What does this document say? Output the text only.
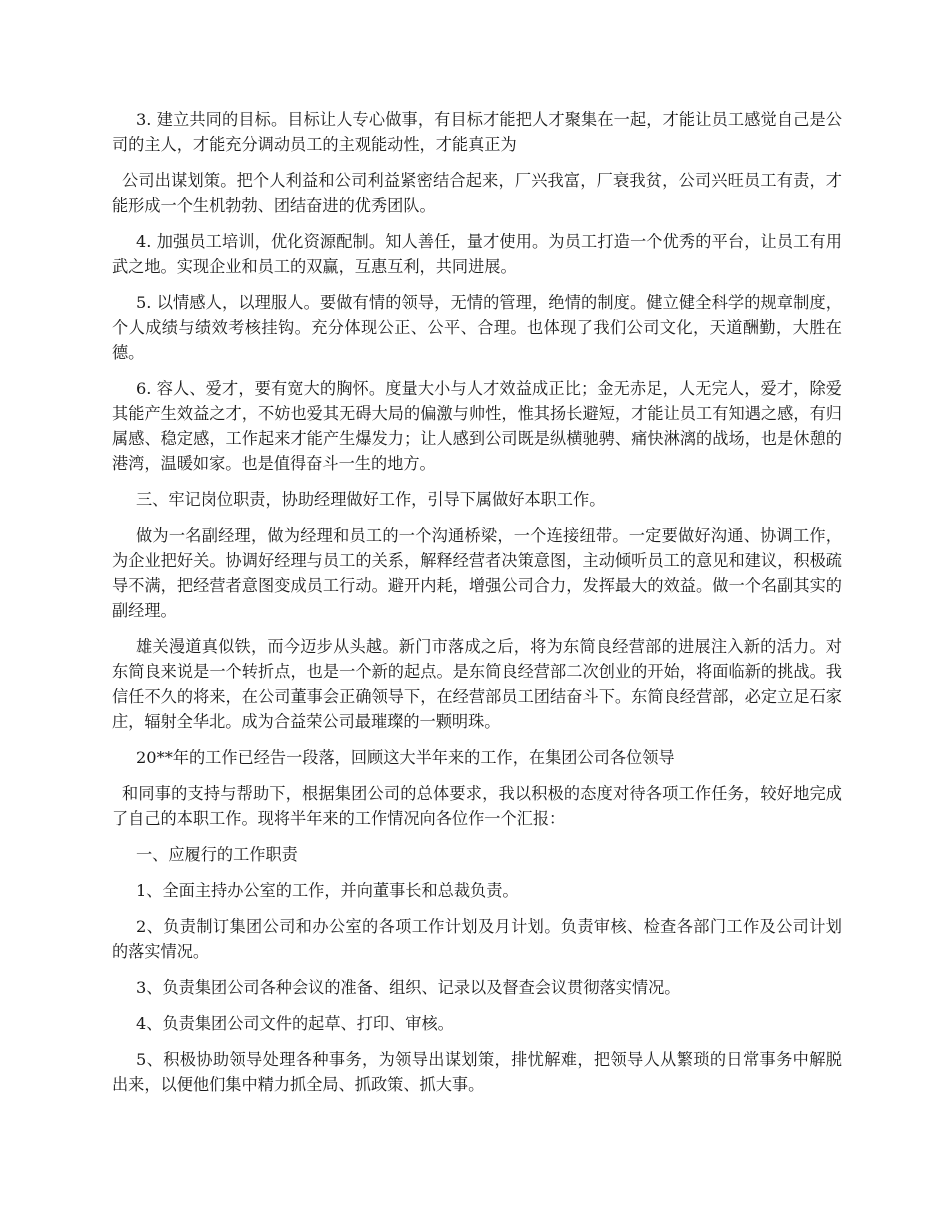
3. 建立共同的目标。目标让人专心做事，有目标才能把人才聚集在一起，才能让员工感觉自己是公司的主人，才能充分调动员工的主观能动性，才能真正为

公司出谋划策。把个人利益和公司利益紧密结合起来，厂兴我富，厂衰我贫，公司兴旺员工有责，才能形成一个生机勃勃、团结奋进的优秀团队。

4. 加强员工培训，优化资源配制。知人善任，量才使用。为员工打造一个优秀的平台，让员工有用武之地。实现企业和员工的双赢，互惠互利，共同进展。

5. 以情感人，以理服人。要做有情的领导，无情的管理，绝情的制度。健立健全科学的规章制度，个人成绩与绩效考核挂钩。充分体现公正、公平、合理。也体现了我们公司文化，天道酬勤，大胜在德。

6. 容人、爱才，要有宽大的胸怀。度量大小与人才效益成正比；金无赤足，人无完人，爱才，除爱其能产生效益之才，不妨也爱其无碍大局的偏激与帅性，惟其扬长避短，才能让员工有知遇之感，有归属感、稳定感，工作起来才能产生爆发力；让人感到公司既是纵横驰骋、痛快淋漓的战场，也是休憩的港湾，温暖如家。也是值得奋斗一生的地方。

三、牢记岗位职责，协助经理做好工作，引导下属做好本职工作。

做为一名副经理，做为经理和员工的一个沟通桥梁，一个连接纽带。一定要做好沟通、协调工作，为企业把好关。协调好经理与员工的关系，解释经营者决策意图，主动倾听员工的意见和建议，积极疏导不满，把经营者意图变成员工行动。避开内耗，增强公司合力，发挥最大的效益。做一个名副其实的副经理。

雄关漫道真似铁，而今迈步从头越。新门市落成之后，将为东简良经营部的进展注入新的活力。对东简良来说是一个转折点，也是一个新的起点。是东简良经营部二次创业的开始，将面临新的挑战。我信任不久的将来，在公司董事会正确领导下，在经营部员工团结奋斗下。东简良经营部，必定立足石家庄，辐射全华北。成为合益荣公司最璀璨的一颗明珠。

20**年的工作已经告一段落，回顾这大半年来的工作，在集团公司各位领导

和同事的支持与帮助下，根据集团公司的总体要求，我以积极的态度对待各项工作任务，较好地完成了自己的本职工作。现将半年来的工作情况向各位作一个汇报：

一、应履行的工作职责

1、全面主持办公室的工作，并向董事长和总裁负责。

2、负责制订集团公司和办公室的各项工作计划及月计划。负责审核、检查各部门工作及公司计划的落实情况。

3、负责集团公司各种会议的准备、组织、记录以及督查会议贯彻落实情况。

4、负责集团公司文件的起草、打印、审核。

5、积极协助领导处理各种事务，为领导出谋划策，排忧解难，把领导人从繁琐的日常事务中解脱出来，以便他们集中精力抓全局、抓政策、抓大事。
